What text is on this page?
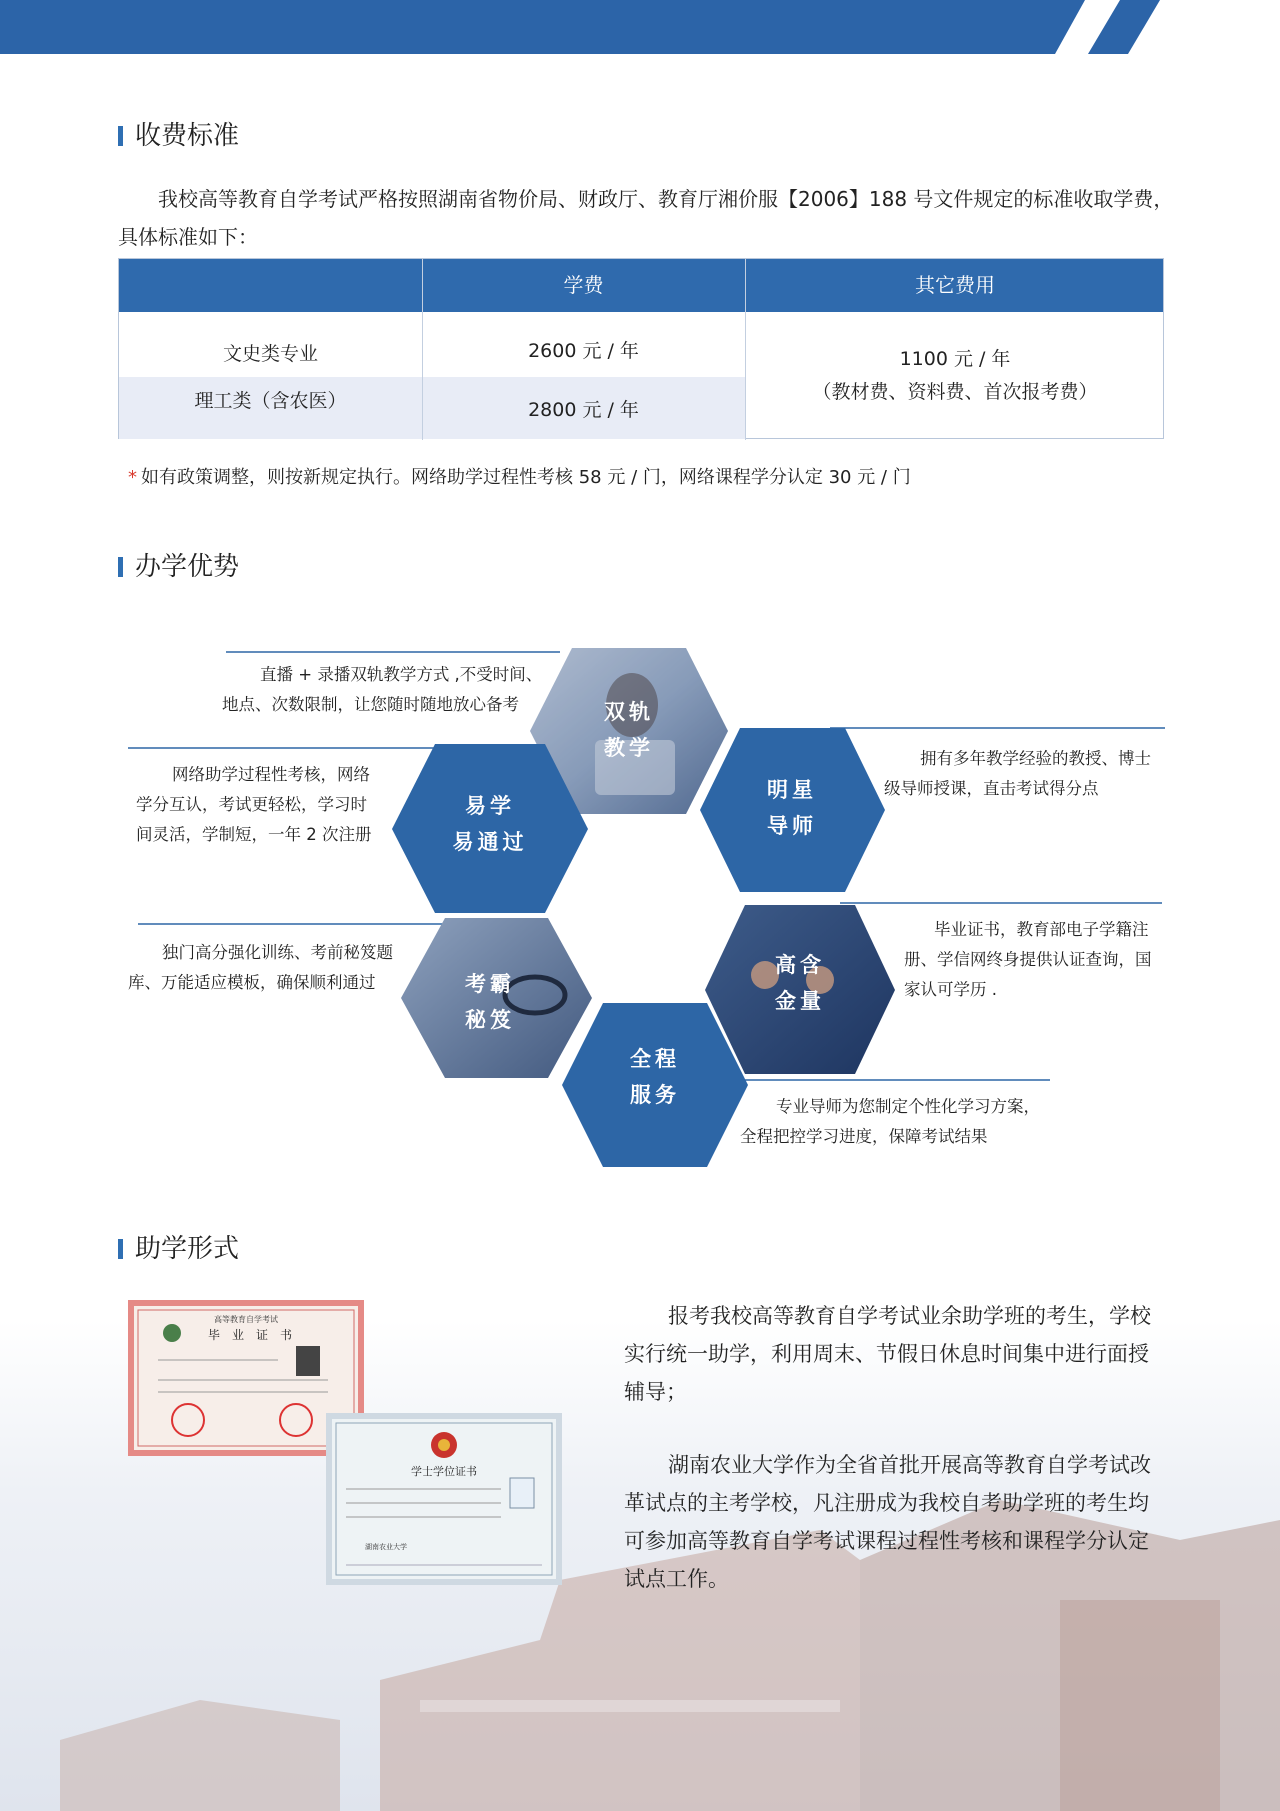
收费标准
我校高等教育自学考试严格按照湖南省物价局、财政厅、教育厅湘价服【2006】188 号文件规定的标准收取学费，具体标准如下：
学费	其它费用
文史类专业
理工类（含农医）
2600 元 / 年
2800 元 / 年
1100 元 / 年
（教材费、资料费、首次报考费）
* 如有政策调整，则按新规定执行。网络助学过程性考核 58 元 / 门，网络课程学分认定 30 元 / 门
办学优势
双轨
教学
明星
导师
易学
易通过
高含
金量
考霸
秘笈
全程
服务
直播 + 录播双轨教学方式 ,不受时间、地点、次数限制，让您随时随地放心备考
拥有多年教学经验的教授、博士级导师授课，直击考试得分点
网络助学过程性考核，网络学分互认，考试更轻松，学习时间灵活，学制短，一年 2 次注册
毕业证书，教育部电子学籍注册、学信网终身提供认证查询，国家认可学历 .
独门高分强化训练、考前秘笈题库、万能适应模板，确保顺利通过
专业导师为您制定个性化学习方案，全程把控学习进度，保障考试结果
助学形式
高等教育自学考试
毕　业　证　书
学士学位证书
湖南农业大学
报考我校高等教育自学考试业余助学班的考生，学校实行统一助学，利用周末、节假日休息时间集中进行面授辅导；
湖南农业大学作为全省首批开展高等教育自学考试改革试点的主考学校，凡注册成为我校自考助学班的考生均可参加高等教育自学考试课程过程性考核和课程学分认定试点工作。
